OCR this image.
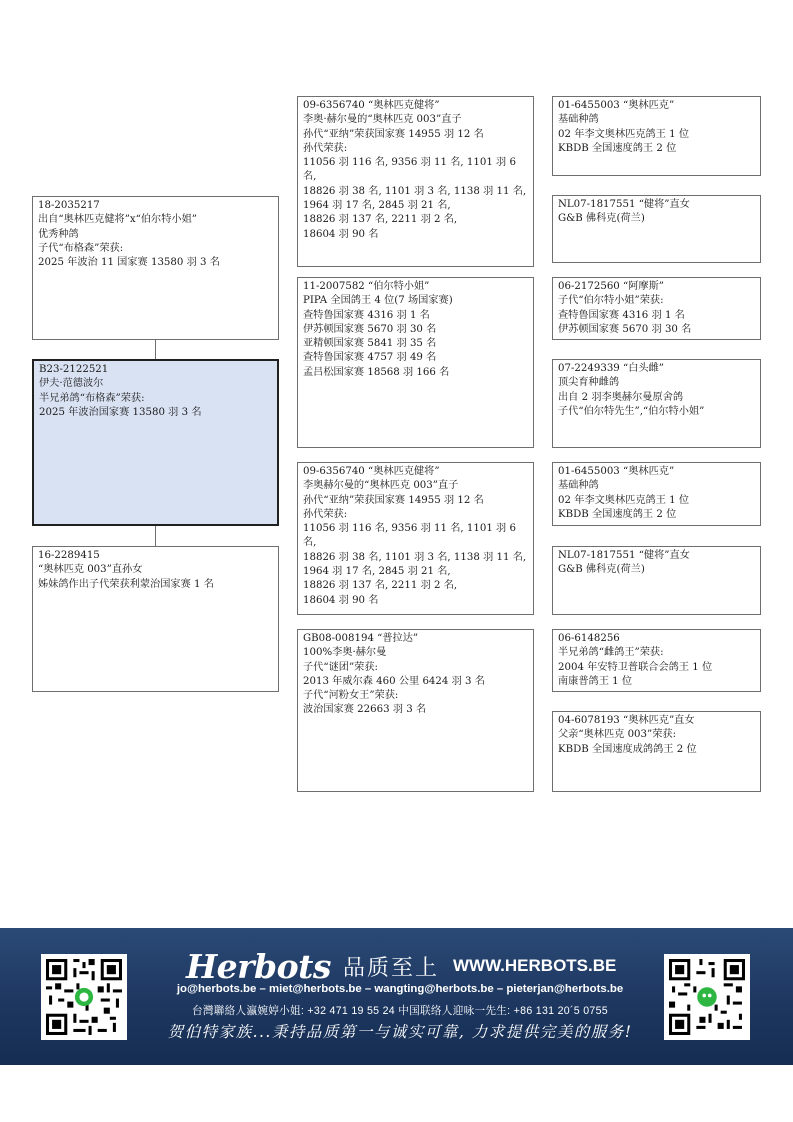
18-2035217
出自“奥林匹克健将”x“伯尔特小姐”
优秀种鸽
子代“布格森”荣获:
2025 年波治 11 国家赛 13580 羽 3 名
B23-2122521
伊夫·范德波尔
半兄弟鸽“布格森”荣获:
2025 年波治国家赛 13580 羽 3 名
16-2289415
“奥林匹克 003”直孙女
姊妹鸽作出子代荣获利蒙治国家赛 1 名
09-6356740 “奥林匹克健将”
李奥·赫尔曼的“奥林匹克 003”直子
孙代“亚纳”荣获国家赛 14955 羽 12 名
孙代荣获:
11056 羽 116 名, 9356 羽 11 名, 1101 羽 6 名,
18826 羽 38 名, 1101 羽 3 名, 1138 羽 11 名,
1964 羽 17 名, 2845 羽 21 名,
18826 羽 137 名, 2211 羽 2 名,
18604 羽 90 名
11-2007582 “伯尔特小姐”
PIPA 全国鸽王 4 位(7 场国家赛)
查特鲁国家赛 4316 羽 1 名
伊苏顿国家赛 5670 羽 30 名
亚精顿国家赛 5841 羽 35 名
查特鲁国家赛 4757 羽 49 名
孟吕松国家赛 18568 羽 166 名
09-6356740 “奥林匹克健将”
李奥赫尔曼的“奥林匹克 003”直子
孙代“亚纳”荣获国家赛 14955 羽 12 名
孙代荣获:
11056 羽 116 名, 9356 羽 11 名, 1101 羽 6 名,
18826 羽 38 名, 1101 羽 3 名, 1138 羽 11 名,
1964 羽 17 名, 2845 羽 21 名,
18826 羽 137 名, 2211 羽 2 名,
18604 羽 90 名
GB08-008194 “普拉达”
100%李奥·赫尔曼
子代“谜团”荣获:
2013 年威尔森 460 公里 6424 羽 3 名
子代“河粉女王”荣获:
波治国家赛 22663 羽 3 名
01-6455003 “奥林匹克”
基础种鸽
02 年李文奥林匹克鸽王 1 位
KBDB 全国速度鸽王 2 位
NL07-1817551 “健将”直女
G&B 佛科克(荷兰)
06-2172560 “阿摩斯”
子代“伯尔特小姐”荣获:
查特鲁国家赛 4316 羽 1 名
伊苏顿国家赛 5670 羽 30 名
07-2249339 “白头雌”
顶尖育种雌鸽
出自 2 羽李奥赫尔曼原舍鸽
子代“伯尔特先生”,“伯尔特小姐”
01-6455003 “奥林匹克”
基础种鸽
02 年李文奥林匹克鸽王 1 位
KBDB 全国速度鸽王 2 位
NL07-1817551 “健将”直女
G&B 佛科克(荷兰)
06-6148256
半兄弟鸽“雌鸽王”荣获:
2004 年安特卫普联合会鸽王 1 位
南康普鸽王 1 位
04-6078193 “奥林匹克”直女
父亲“奥林匹克 003”荣获:
KBDB 全国速度成鸽鸽王 2 位
Herbots 品质至上 WWW.HERBOTS.BE
jo@herbots.be – miet@herbots.be – wangting@herbots.be – pieterjan@herbots.be
台灣聯絡人瀛婉婷小姐: +32 471 19 55 24 中国联络人迎咏一先生: +86 131 20´5 0755
贺伯特家族...秉持品质第一与诚实可靠, 力求提供完美的服务!
